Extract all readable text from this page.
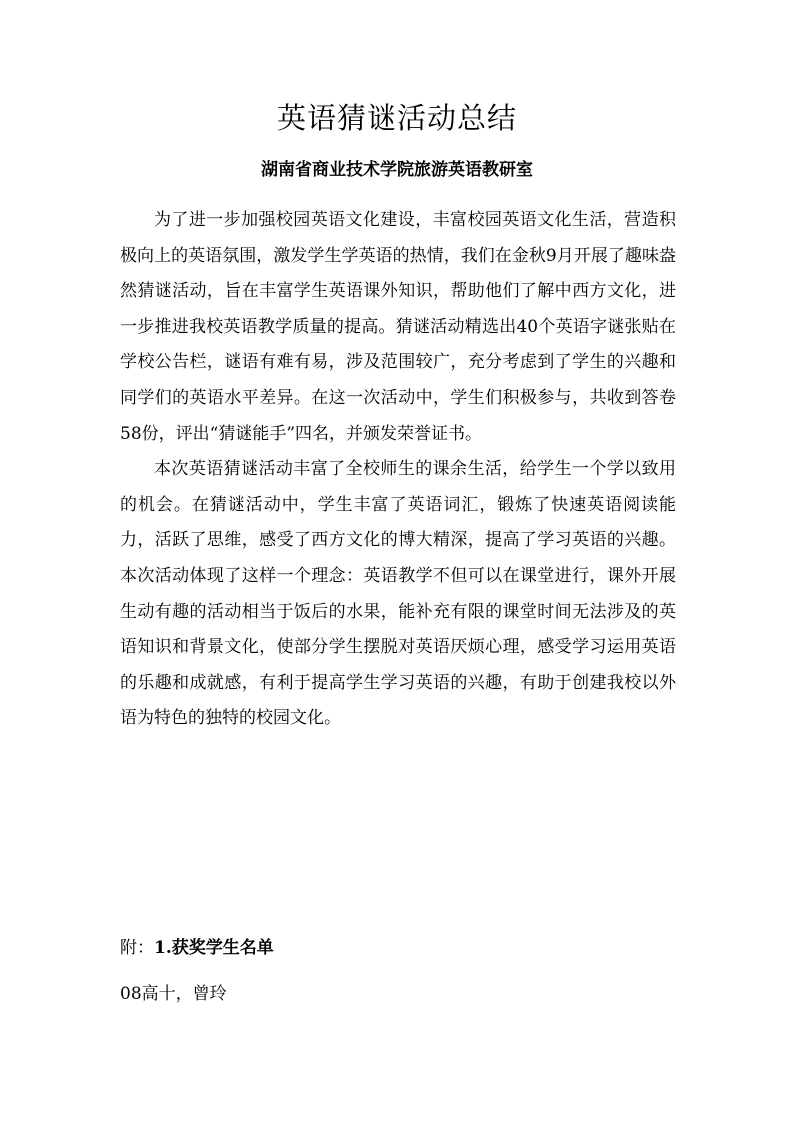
英语猜谜活动总结
湖南省商业技术学院旅游英语教研室

为了进一步加强校园英语文化建设，丰富校园英语文化生活，营造积极向上的英语氛围，激发学生学英语的热情，我们在金秋9月开展了趣味盎然猜谜活动，旨在丰富学生英语课外知识，帮助他们了解中西方文化，进一步推进我校英语教学质量的提高。猜谜活动精选出40个英语字谜张贴在学校公告栏，谜语有难有易，涉及范围较广，充分考虑到了学生的兴趣和同学们的英语水平差异。在这一次活动中，学生们积极参与，共收到答卷58份，评出“猜谜能手”四名，并颁发荣誉证书。

本次英语猜谜活动丰富了全校师生的课余生活，给学生一个学以致用的机会。在猜谜活动中，学生丰富了英语词汇，锻炼了快速英语阅读能力，活跃了思维，感受了西方文化的博大精深，提高了学习英语的兴趣。本次活动体现了这样一个理念：英语教学不但可以在课堂进行，课外开展生动有趣的活动相当于饭后的水果，能补充有限的课堂时间无法涉及的英语知识和背景文化，使部分学生摆脱对英语厌烦心理，感受学习运用英语的乐趣和成就感，有利于提高学生学习英语的兴趣，有助于创建我校以外语为特色的独特的校园文化。

附：1.获奖学生名单

08高十，曾玲
